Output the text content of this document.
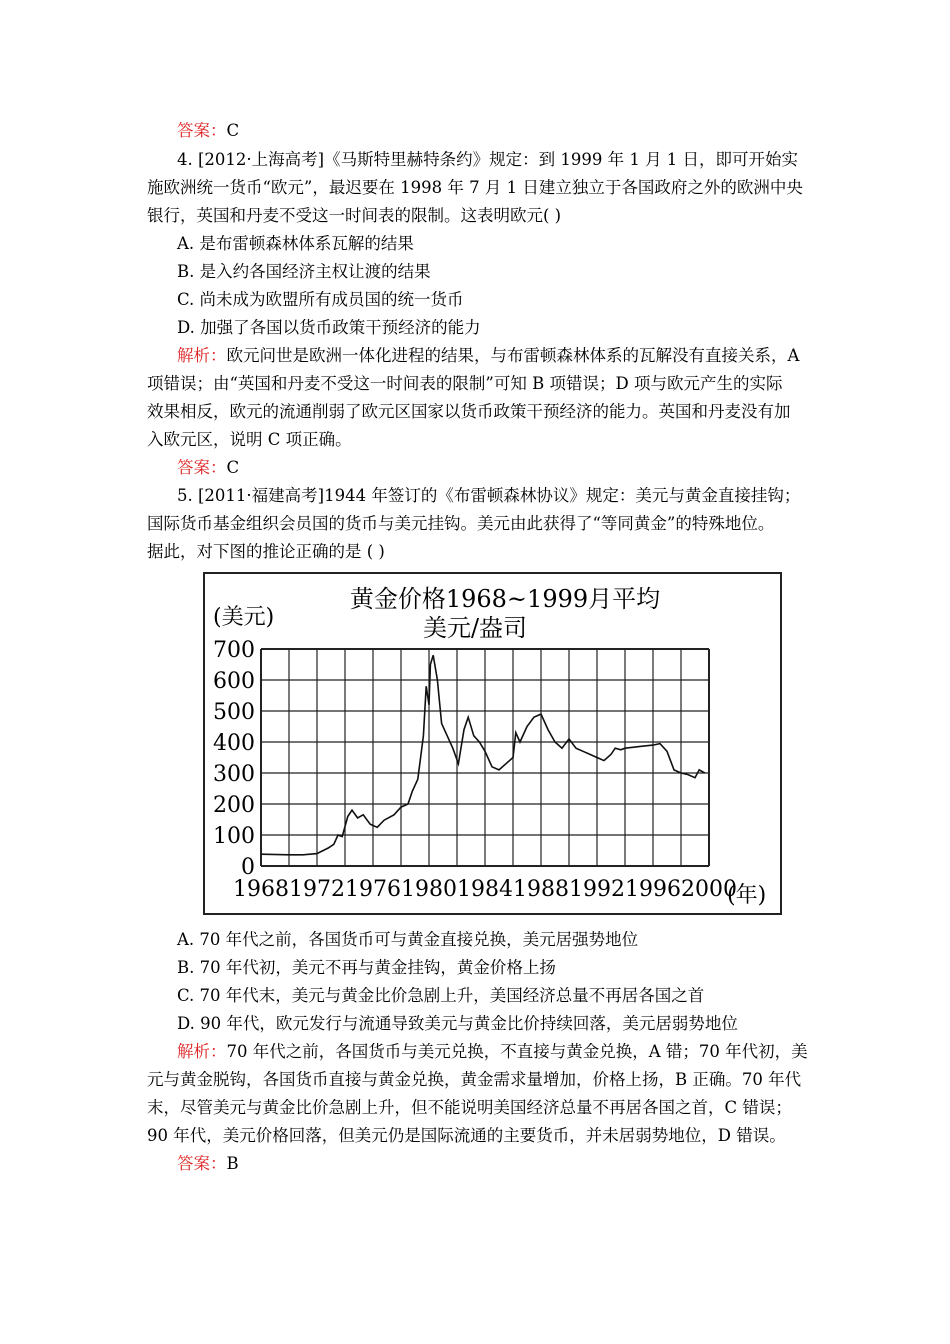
答案：C
4. [2012·上海高考]《马斯特里赫特条约》规定：到 1999 年 1 月 1 日，即可开始实
施欧洲统一货币“欧元”，最迟要在 1998 年 7 月 1 日建立独立于各国政府之外的欧洲中央
银行，英国和丹麦不受这一时间表的限制。这表明欧元( )
A. 是布雷顿森林体系瓦解的结果
B. 是入约各国经济主权让渡的结果
C. 尚未成为欧盟所有成员国的统一货币
D. 加强了各国以货币政策干预经济的能力
解析：欧元问世是欧洲一体化进程的结果，与布雷顿森林体系的瓦解没有直接关系，A
项错误；由“英国和丹麦不受这一时间表的限制”可知 B 项错误；D 项与欧元产生的实际
效果相反，欧元的流通削弱了欧元区国家以货币政策干预经济的能力。英国和丹麦没有加
入欧元区，说明 C 项正确。
答案：C
5. [2011·福建高考]1944 年签订的《布雷顿森林协议》规定：美元与黄金直接挂钩；
国际货币基金组织会员国的货币与美元挂钩。美元由此获得了“等同黄金”的特殊地位。
据此，对下图的推论正确的是 ( )
黄金价格1968~1999月平均
美元/盎司
(美元)
0
100
200
300
400
500
600
700
1968 1972 1976 1980 1984 1988 1992 1996 2000
(年)
A. 70 年代之前，各国货币可与黄金直接兑换，美元居强势地位
B. 70 年代初，美元不再与黄金挂钩，黄金价格上扬
C. 70 年代末，美元与黄金比价急剧上升，美国经济总量不再居各国之首
D. 90 年代，欧元发行与流通导致美元与黄金比价持续回落，美元居弱势地位
解析：70 年代之前，各国货币与美元兑换，不直接与黄金兑换，A 错；70 年代初，美
元与黄金脱钩，各国货币直接与黄金兑换，黄金需求量增加，价格上扬，B 正确。70 年代
末，尽管美元与黄金比价急剧上升，但不能说明美国经济总量不再居各国之首，C 错误；
90 年代，美元价格回落，但美元仍是国际流通的主要货币，并未居弱势地位，D 错误。
答案：B
